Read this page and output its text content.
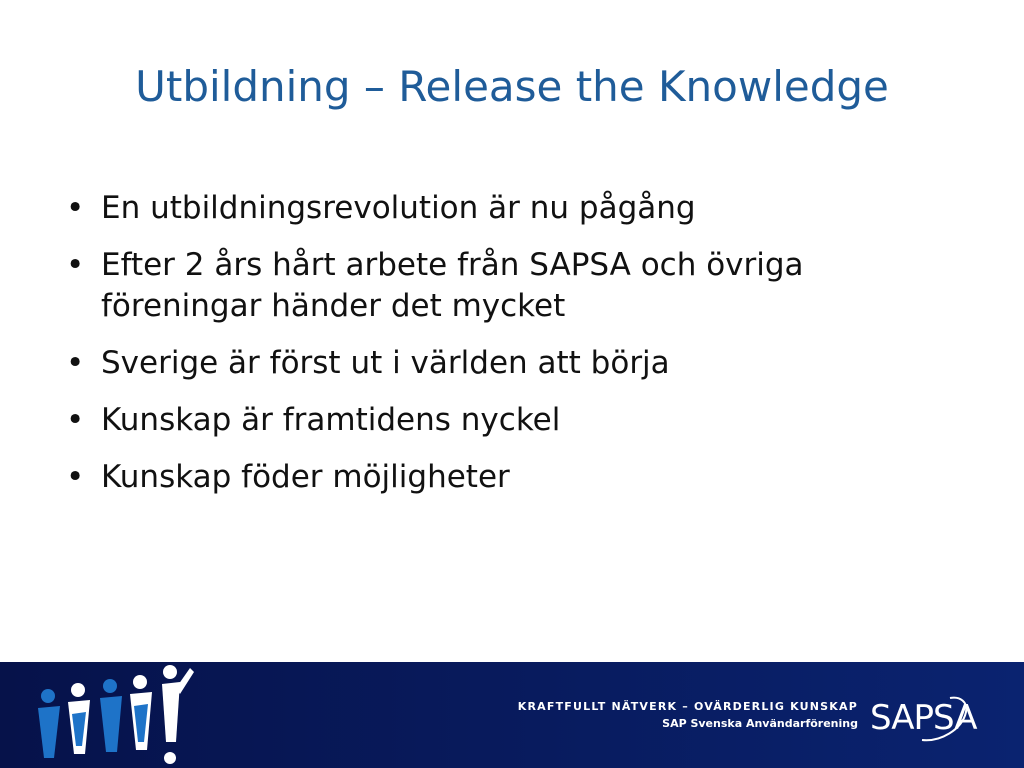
Utbildning – Release the Knowledge
• En utbildningsrevolution är nu pågång
• Efter 2 års hårt arbete från SAPSA och övriga föreningar händer det mycket
• Sverige är först ut i världen att börja
• Kunskap är framtidens nyckel
• Kunskap föder möjligheter
KRAFTFULLT NÄTVERK – OVÄRDERLIG KUNSKAP
SAP Svenska Användarförening SAPSA
